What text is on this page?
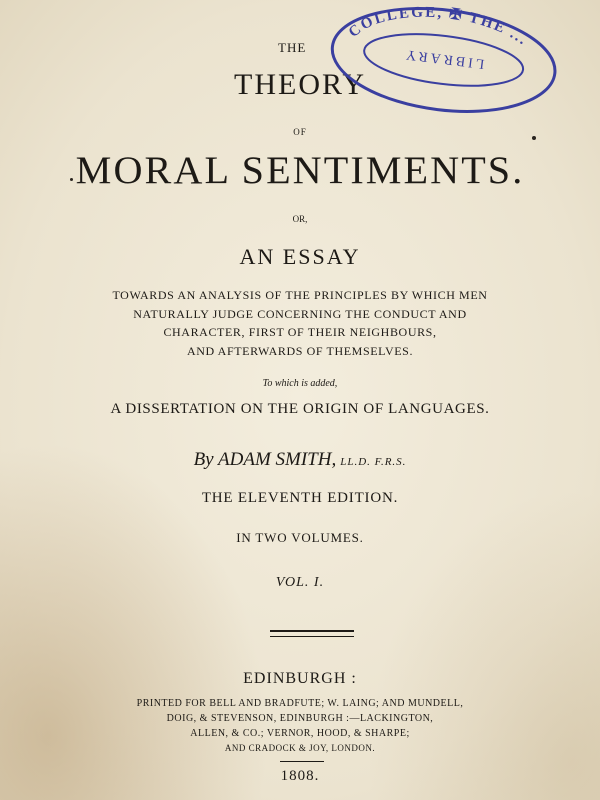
THE
THEORY
OF
MORAL SENTIMENTS.
OR,
AN ESSAY
TOWARDS AN ANALYSIS OF THE PRINCIPLES BY WHICH MEN
NATURALLY JUDGE CONCERNING THE CONDUCT AND
CHARACTER, FIRST OF THEIR NEIGHBOURS,
AND AFTERWARDS OF THEMSELVES.
To which is added,
A DISSERTATION ON THE ORIGIN OF LANGUAGES.
By ADAM SMITH, LL.D. F.R.S.
THE ELEVENTH EDITION.
IN TWO VOLUMES.
VOL. I.
EDINBURGH :
PRINTED FOR BELL AND BRADFUTE; W. LAING; AND MUNDELL,
DOIG, & STEVENSON, EDINBURGH :—LACKINGTON,
ALLEN, & CO.; VERNOR, HOOD, & SHARPE;
AND CRADOCK & JOY, LONDON.
1808.
COLLEGE, ✠ THE ...
LIBRARY
